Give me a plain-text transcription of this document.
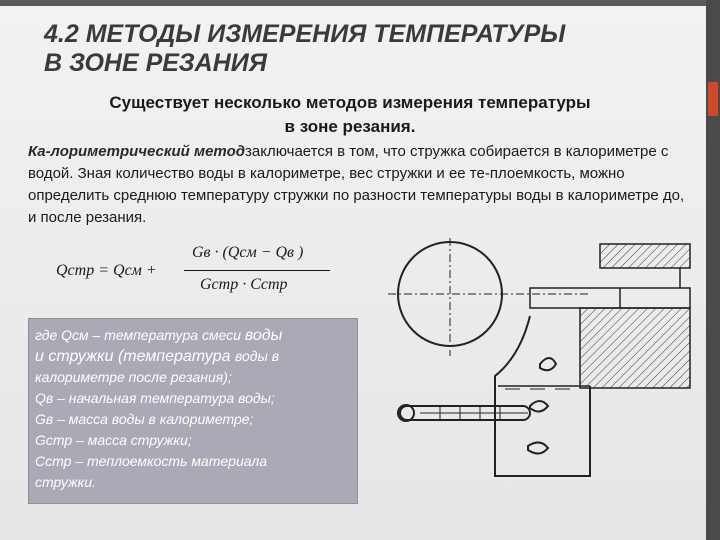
4.2 МЕТОДЫ ИЗМЕРЕНИЯ ТЕМПЕРАТУРЫ
В ЗОНЕ РЕЗАНИЯ
Существует несколько методов измерения температуры
в зоне резания.
Ка-лориметрический методзаключается в том, что стружка собирается в калориметре с водой. Зная количество воды в калориметре, вес стружки и ее те-плоемкость, можно определить среднюю температуру стружки по разности температуры воды в калориметре до, и после резания.
Qстр = Qсм +
Gв · (Qсм − Qв )
Gстр · Cстр

где Qсм – температура смеси воды

и стружки (температура воды в

калориметре после резания);

Qв – начальная температура воды;

Gв – масса воды в калориметре;

Gстр – масса стружки;

Сстр – теплоемкость материала

стружки.
